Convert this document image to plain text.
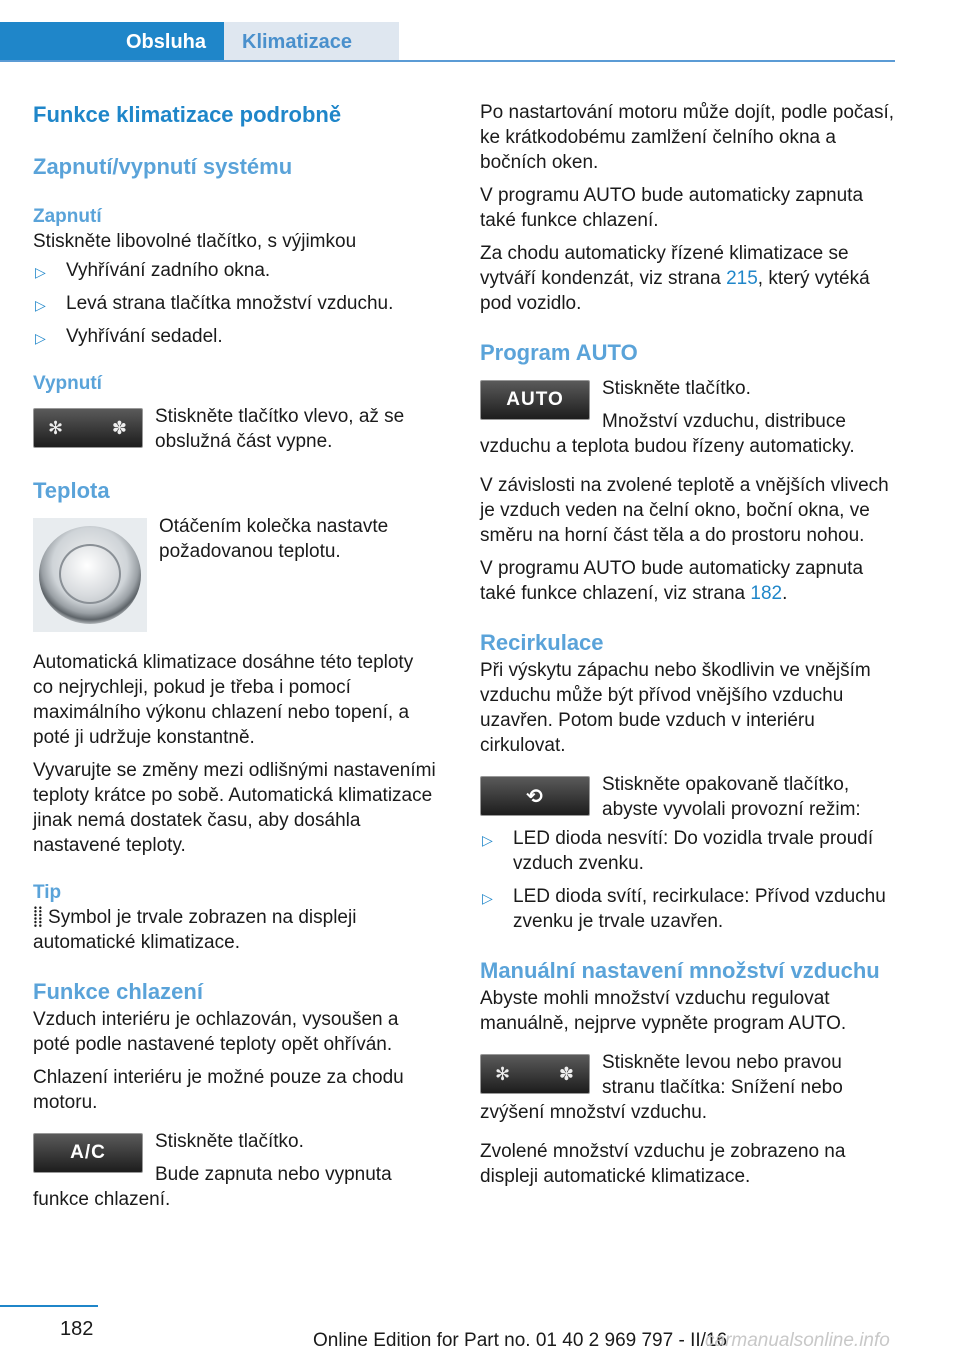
Obsluha	Klimatizace
Funkce klimatizace podrobně
Zapnutí/vypnutí systému
Zapnutí
Stiskněte libovolné tlačítko, s výjimkou
▷ Vyhřívání zadního okna.
▷ Levá strana tlačítka množství vzduchu.
▷ Vyhřívání sedadel.
Vypnutí
✻	✽
Stiskněte tlačítko vlevo, až se obslužná část vypne.
Teplota
Otáčením kolečka nastavte požadovanou teplotu.
Automatická klimatizace dosáhne této teploty co nejrychleji, pokud je třeba i pomocí maximálního výkonu chlazení nebo topení, a poté ji udržuje konstantně.
Vyvarujte se změny mezi odlišnými nastaveními teploty krátce po sobě. Automatická klimatizace jinak nemá dostatek času, aby dosáhla nastavené teploty.
Tip
⸽⸽ Symbol je trvale zobrazen na displeji automatické klimatizace.
Funkce chlazení
Vzduch interiéru je ochlazován, vysoušen a poté podle nastavené teploty opět ohříván.
Chlazení interiéru je možné pouze za chodu motoru.
A/C
Stiskněte tlačítko.
Bude zapnuta nebo vypnuta funkce chlazení.
Po nastartování motoru může dojít, podle počasí, ke krátkodobému zamlžení čelního okna a bočních oken.
V programu AUTO bude automaticky zapnuta také funkce chlazení.
Za chodu automaticky řízené klimatizace se vytváří kondenzát, viz strana 215, který vytéká pod vozidlo.
Program AUTO
AUTO
Stiskněte tlačítko.
Množství vzduchu, distribuce vzduchu a teplota budou řízeny automaticky.
V závislosti na zvolené teplotě a vnějších vlivech je vzduch veden na čelní okno, boční okna, ve směru na horní část těla a do prostoru nohou.
V programu AUTO bude automaticky zapnuta také funkce chlazení, viz strana 182.
Recirkulace
Při výskytu zápachu nebo škodlivin ve vnějším vzduchu může být přívod vnějšího vzduchu uzavřen. Potom bude vzduch v interiéru cirkulovat.
⟲
Stiskněte opakovaně tlačítko, abyste vyvolali provozní režim:
▷ LED dioda nesvítí: Do vozidla trvale proudí vzduch zvenku.
▷ LED dioda svítí, recirkulace: Přívod vzduchu zvenku je trvale uzavřen.
Manuální nastavení množství vzduchu
Abyste mohli množství vzduchu regulovat manuálně, nejprve vypněte program AUTO.
✻	✽
Stiskněte levou nebo pravou stranu tlačítka: Snížení nebo zvýšení množství vzduchu.
Zvolené množství vzduchu je zobrazeno na displeji automatické klimatizace.
182
Online Edition for Part no. 01 40 2 969 797 - II/16
carmanualsonline.info
